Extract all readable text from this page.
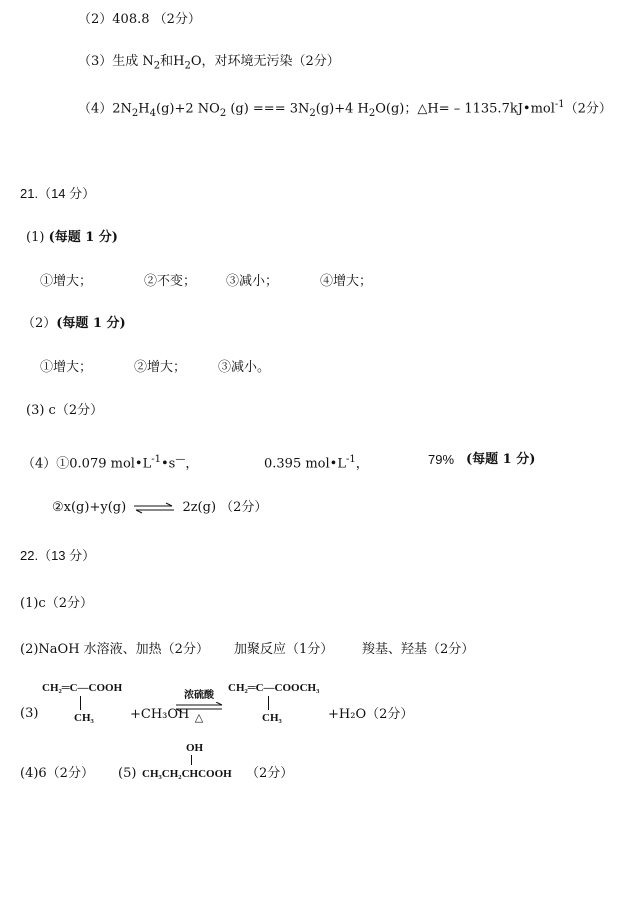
（2）408.8 （2分）
（3）生成 $N_2$和$H_2O$，对环境无污染（2分）
$(4)2N_2H_4(g)+2$ $NO_2$ (g) === $3N_2(g)+4$ $H_2O(g)$；△H= – 1135.7kJ•mol$^{-1}$（2分）
21.（14 分）
(1) (每题 1 分)
①增大；	②不变； ③减小；	④增大；
（2）(每题 1 分)
①增大；	②增大； ③减小。
(3) c（2分）
（4）①0.079 $mol•L^{-1}•s^—$，	0.395 $mol•L^{-1}$，	79% (每题 1 分)
②x(g)+y(g) ⇌ 2z(g) （2分）
22.（13 分）
(1)c（2分）
(2)NaOH 水溶液、加热（2分） 加聚反应（1分） 羧基、羟基（2分）
(3)
CH₂═C—COOH
CH₃	+CH₃OH
浓硫酸
△
CH₂═C—COOCH₃
CH₃	+H₂O（2分）
OH
(4)6（2分） (5) CH₃CH₂CHCOOH （2分）
